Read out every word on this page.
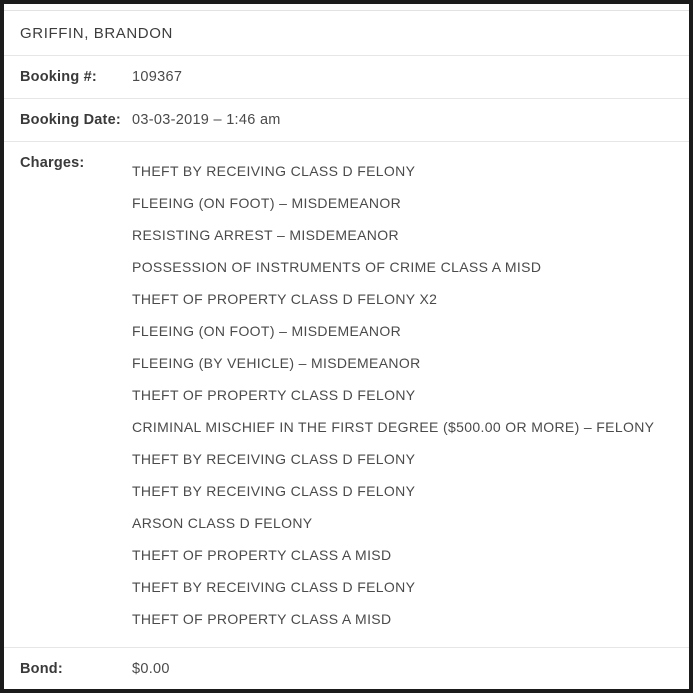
GRIFFIN, BRANDON
Booking #:	109367
Booking Date: 03-03-2019 – 1:46 am
Charges:	THEFT BY RECEIVING CLASS D FELONY
FLEEING (ON FOOT) – MISDEMEANOR
RESISTING ARREST – MISDEMEANOR
POSSESSION OF INSTRUMENTS OF CRIME CLASS A MISD
THEFT OF PROPERTY CLASS D FELONY X2
FLEEING (ON FOOT) – MISDEMEANOR
FLEEING (BY VEHICLE) – MISDEMEANOR
THEFT OF PROPERTY CLASS D FELONY
CRIMINAL MISCHIEF IN THE FIRST DEGREE ($500.00 OR MORE) – FELONY
THEFT BY RECEIVING CLASS D FELONY
THEFT BY RECEIVING CLASS D FELONY
ARSON CLASS D FELONY
THEFT OF PROPERTY CLASS A MISD
THEFT BY RECEIVING CLASS D FELONY
THEFT OF PROPERTY CLASS A MISD
Bond:	$0.00
